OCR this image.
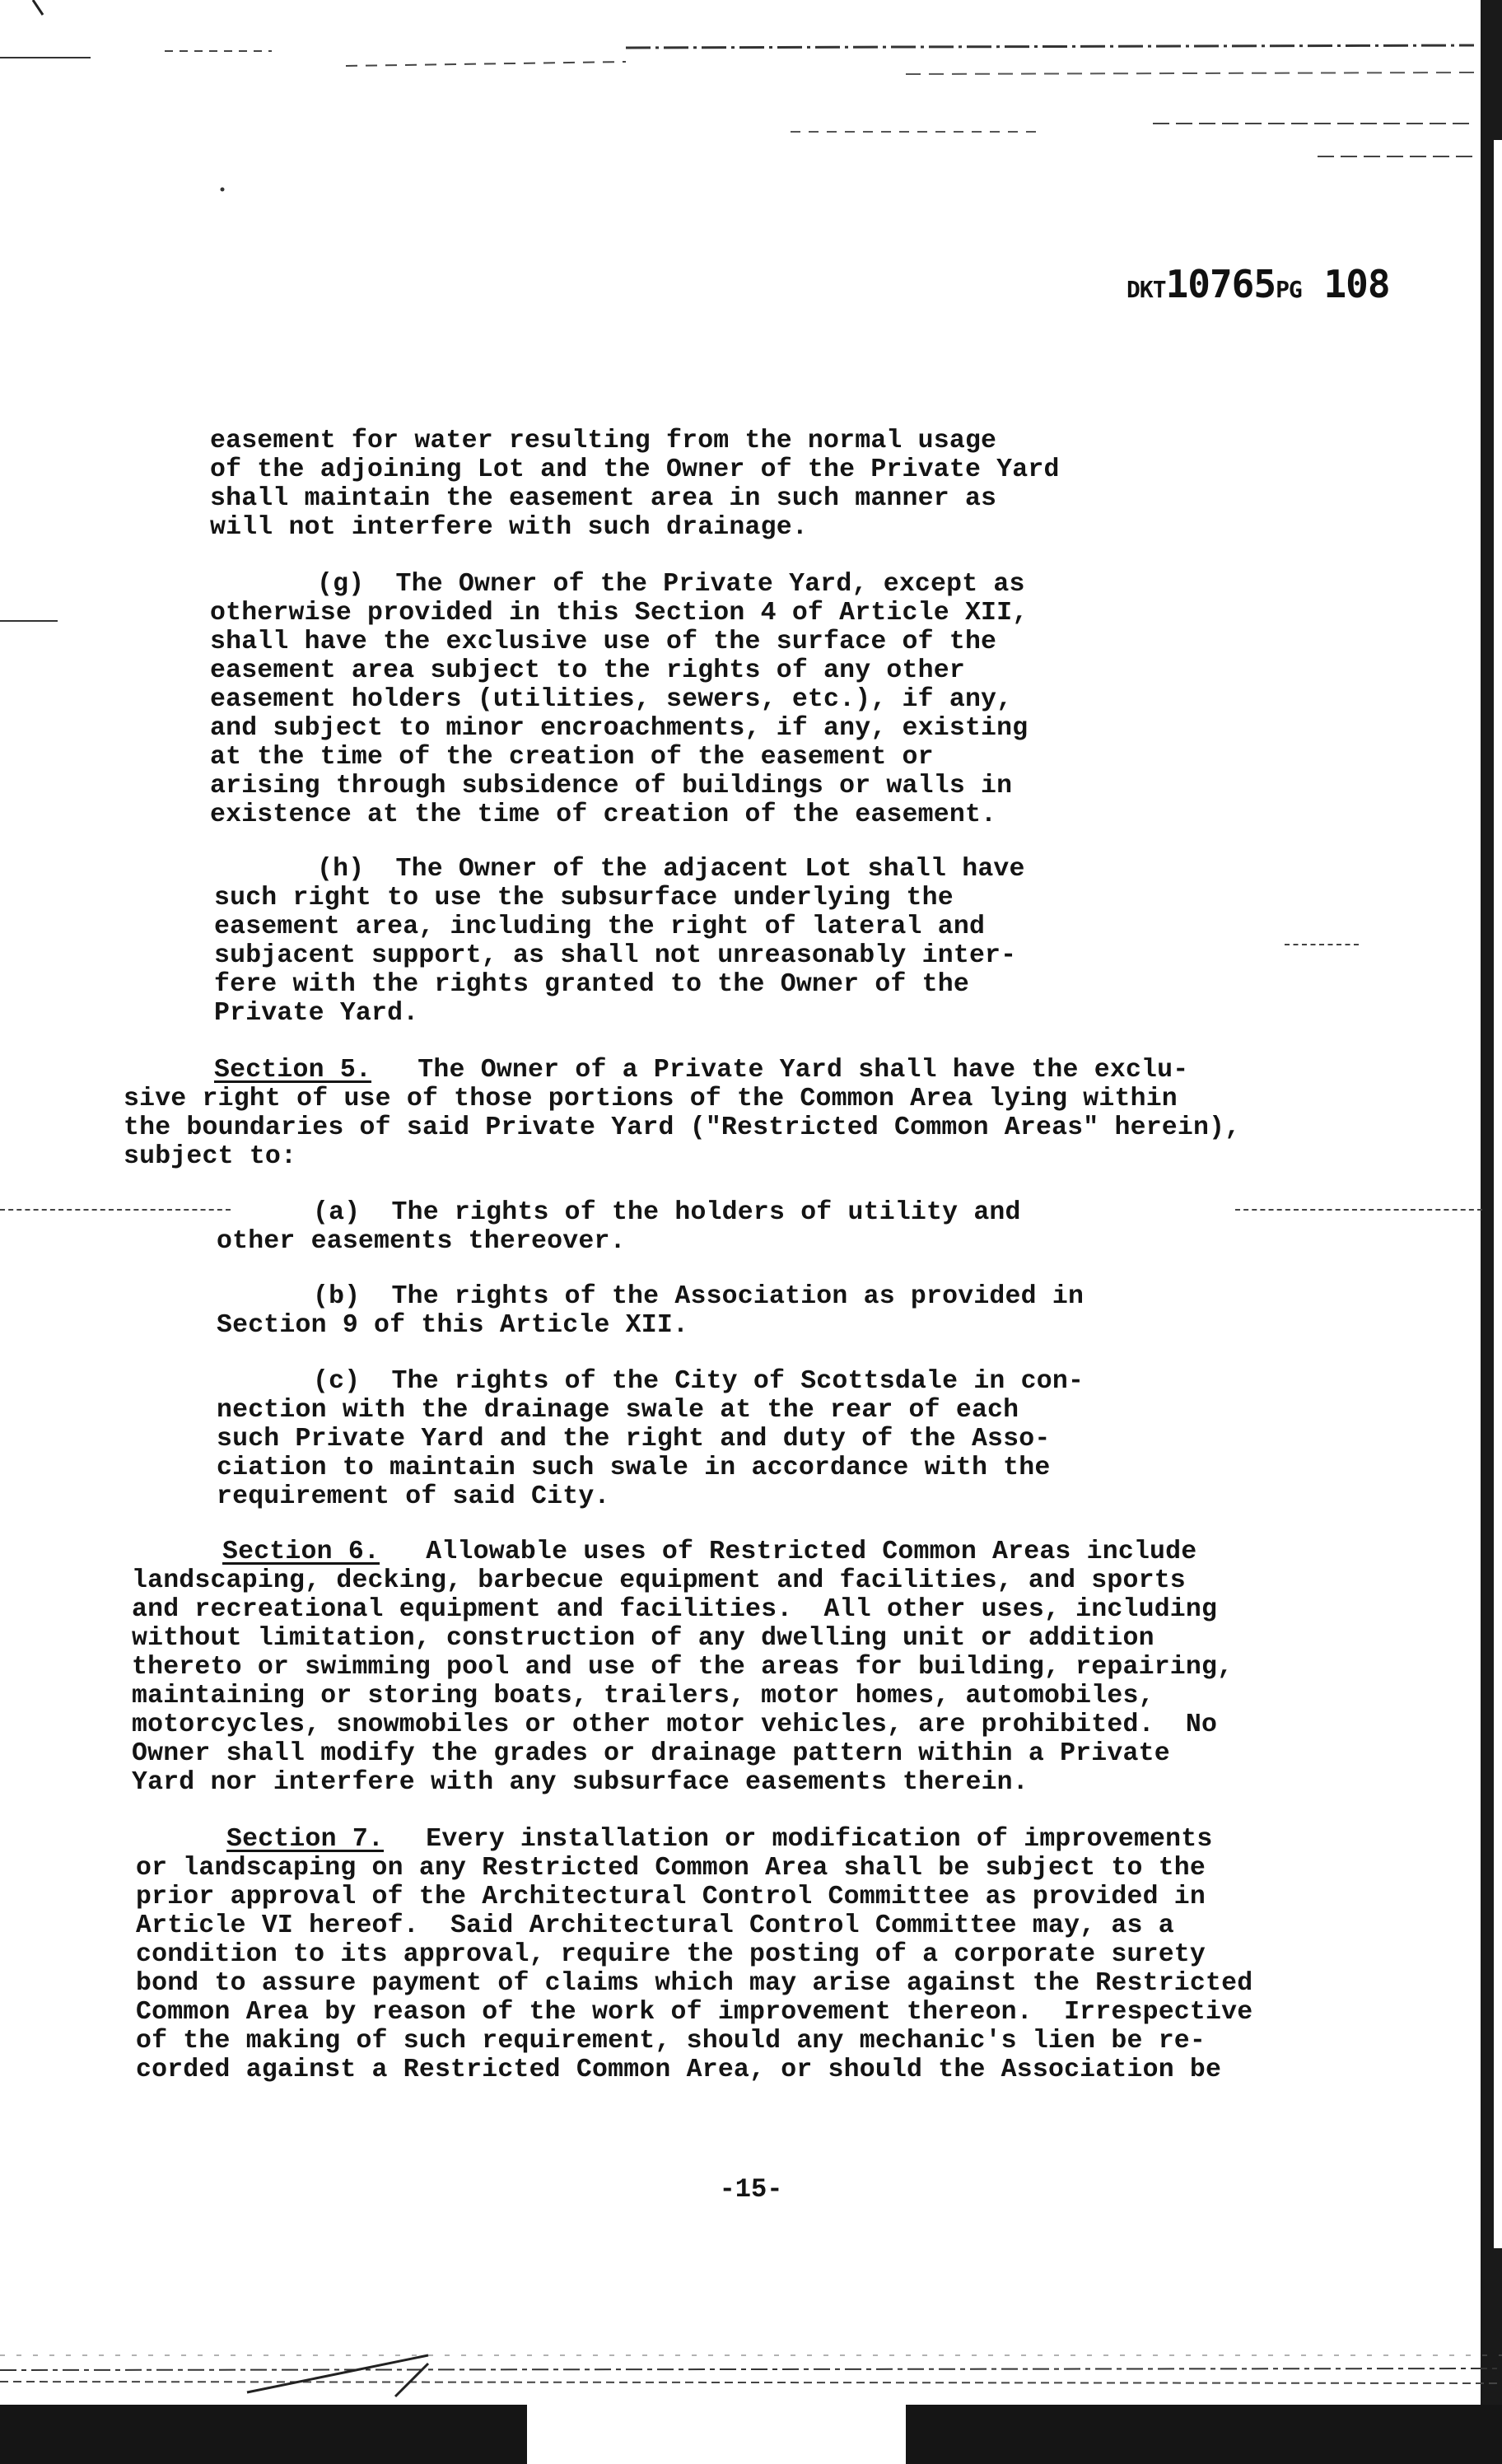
DKT10765PG 108
easement for water resulting from the normal usage
of the adjoining Lot and the Owner of the Private Yard
shall maintain the easement area in such manner as
will not interfere with such drainage.
(g)  The Owner of the Private Yard, except as
otherwise provided in this Section 4 of Article XII,
shall have the exclusive use of the surface of the
easement area subject to the rights of any other
easement holders (utilities, sewers, etc.), if any,
and subject to minor encroachments, if any, existing
at the time of the creation of the easement or
arising through subsidence of buildings or walls in
existence at the time of creation of the easement.
(h)  The Owner of the adjacent Lot shall have
such right to use the subsurface underlying the
easement area, including the right of lateral and
subjacent support, as shall not unreasonably inter-
fere with the rights granted to the Owner of the
Private Yard.
Section 5.
The Owner of a Private Yard shall have the exclu-
sive right of use of those portions of the Common Area lying within
the boundaries of said Private Yard ("Restricted Common Areas" herein),
subject to:
(a)  The rights of the holders of utility and
other easements thereover.
(b)  The rights of the Association as provided in
Section 9 of this Article XII.
(c)  The rights of the City of Scottsdale in con-
nection with the drainage swale at the rear of each
such Private Yard and the right and duty of the Asso-
ciation to maintain such swale in accordance with the
requirement of said City.
Section 6.
Allowable uses of Restricted Common Areas include
landscaping, decking, barbecue equipment and facilities, and sports
and recreational equipment and facilities.  All other uses, including
without limitation, construction of any dwelling unit or addition
thereto or swimming pool and use of the areas for building, repairing,
maintaining or storing boats, trailers, motor homes, automobiles,
motorcycles, snowmobiles or other motor vehicles, are prohibited.  No
Owner shall modify the grades or drainage pattern within a Private
Yard nor interfere with any subsurface easements therein.
Section 7.
Every installation or modification of improvements
or landscaping on any Restricted Common Area shall be subject to the
prior approval of the Architectural Control Committee as provided in
Article VI hereof.  Said Architectural Control Committee may, as a
condition to its approval, require the posting of a corporate surety
bond to assure payment of claims which may arise against the Restricted
Common Area by reason of the work of improvement thereon.  Irrespective
of the making of such requirement, should any mechanic's lien be re-
corded against a Restricted Common Area, or should the Association be
-15-
